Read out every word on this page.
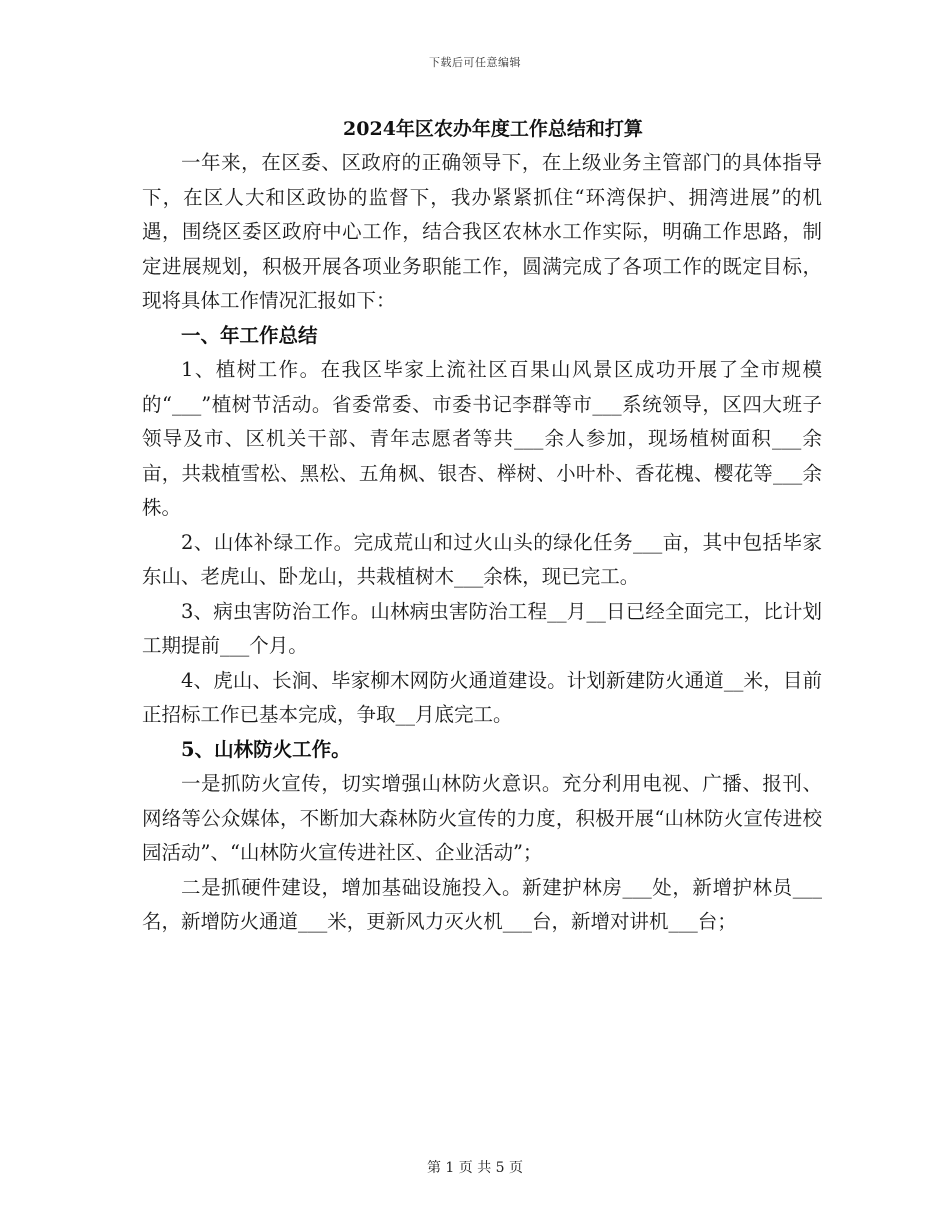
下载后可任意编辑
2024年区农办年度工作总结和打算

一年来，在区委、区政府的正确领导下，在上级业务主管部门的具体指导下，在区人大和区政协的监督下，我办紧紧抓住“环湾保护、拥湾进展”的机遇，围绕区委区政府中心工作，结合我区农林水工作实际，明确工作思路，制定进展规划，积极开展各项业务职能工作，圆满完成了各项工作的既定目标，现将具体工作情况汇报如下：

一、年工作总结

1、植树工作。在我区毕家上流社区百果山风景区成功开展了全市规模的“___”植树节活动。省委常委、市委书记李群等市___系统领导，区四大班子领导及市、区机关干部、青年志愿者等共___余人参加，现场植树面积___余亩，共栽植雪松、黑松、五角枫、银杏、榉树、小叶朴、香花槐、樱花等___余株。

2、山体补绿工作。完成荒山和过火山头的绿化任务___亩，其中包括毕家东山、老虎山、卧龙山，共栽植树木___余株，现已完工。

3、病虫害防治工作。山林病虫害防治工程__月__日已经全面完工，比计划工期提前___个月。

4、虎山、长涧、毕家柳木网防火通道建设。计划新建防火通道__米，目前正招标工作已基本完成，争取__月底完工。

5、山林防火工作。

一是抓防火宣传，切实增强山林防火意识。充分利用电视、广播、报刊、网络等公众媒体，不断加大森林防火宣传的力度，积极开展“山林防火宣传进校园活动”、“山林防火宣传进社区、企业活动”；

二是抓硬件建设，增加基础设施投入。新建护林房___处，新增护林员___名，新增防火通道___米，更新风力灭火机___台，新增对讲机___台；

第 1 页 共 5 页
